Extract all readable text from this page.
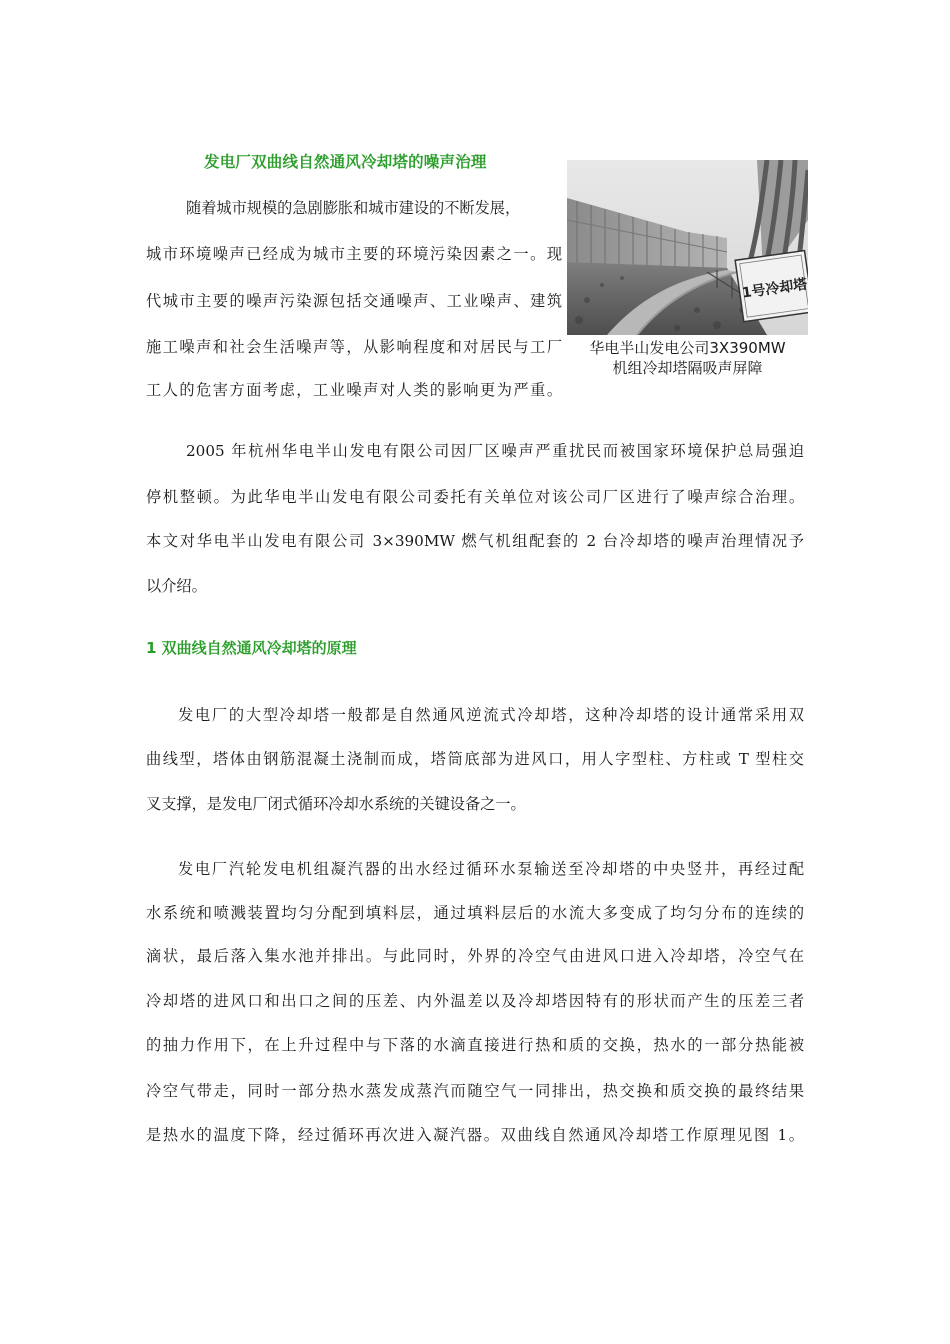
发电厂双曲线自然通风冷却塔的噪声治理
1号冷却塔
华电半山发电公司3X390MW
机组冷却塔隔吸声屏障
随着城市规模的急剧膨胀和城市建设的不断发展，
城市环境噪声已经成为城市主要的环境污染因素之一。现
代城市主要的噪声污染源包括交通噪声、工业噪声、建筑
施工噪声和社会生活噪声等，从影响程度和对居民与工厂
工人的危害方面考虑，工业噪声对人类的影响更为严重。
2005 年杭州华电半山发电有限公司因厂区噪声严重扰民而被国家环境保护总局强迫
停机整顿。为此华电半山发电有限公司委托有关单位对该公司厂区进行了噪声综合治理。
本文对华电半山发电有限公司 3×390MW 燃气机组配套的 2 台冷却塔的噪声治理情况予
以介绍。
1 双曲线自然通风冷却塔的原理
发电厂的大型冷却塔一般都是自然通风逆流式冷却塔，这种冷却塔的设计通常采用双
曲线型，塔体由钢筋混凝土浇制而成，塔筒底部为进风口，用人字型柱、方柱或 T 型柱交
叉支撑，是发电厂闭式循环冷却水系统的关键设备之一。
发电厂汽轮发电机组凝汽器的出水经过循环水泵输送至冷却塔的中央竖井，再经过配
水系统和喷溅装置均匀分配到填料层，通过填料层后的水流大多变成了均匀分布的连续的
滴状，最后落入集水池并排出。与此同时，外界的冷空气由进风口进入冷却塔，冷空气在
冷却塔的进风口和出口之间的压差、内外温差以及冷却塔因特有的形状而产生的压差三者
的抽力作用下，在上升过程中与下落的水滴直接进行热和质的交换，热水的一部分热能被
冷空气带走，同时一部分热水蒸发成蒸汽而随空气一同排出，热交换和质交换的最终结果
是热水的温度下降，经过循环再次进入凝汽器。双曲线自然通风冷却塔工作原理见图 1。
